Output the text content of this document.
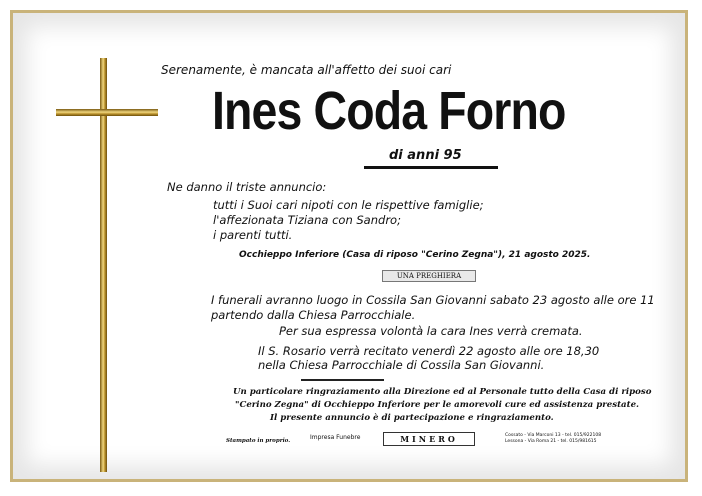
Serenamente, è mancata all'affetto dei suoi cari
Ines Coda Forno
di anni 95
Ne danno il triste annuncio:
tutti i Suoi cari nipoti con le rispettive famiglie;
l'affezionata Tiziana con Sandro;
i parenti tutti.
Occhieppo Inferiore (Casa di riposo "Cerino Zegna"), 21 agosto 2025.
UNA PREGHIERA
I funerali avranno luogo in Cossila San Giovanni sabato 23 agosto alle ore 11
partendo dalla Chiesa Parrocchiale.
Per sua espressa volontà la cara Ines verrà cremata.
Il S. Rosario verrà recitato venerdì 22 agosto alle ore 18,30
nella Chiesa Parrocchiale di Cossila San Giovanni.
Un particolare ringraziamento alla Direzione ed al Personale tutto della Casa di riposo
"Cerino Zegna" di Occhieppo Inferiore per le amorevoli cure ed assistenza prestate.
Il presente annuncio è di partecipazione e ringraziamento.
Stampato in proprio.	Impresa Funebre	MINERO	Cossato - Via Marconi 13 - tel. 015/922108
Lessona - Via Roma 21 - tel. 015/981615
